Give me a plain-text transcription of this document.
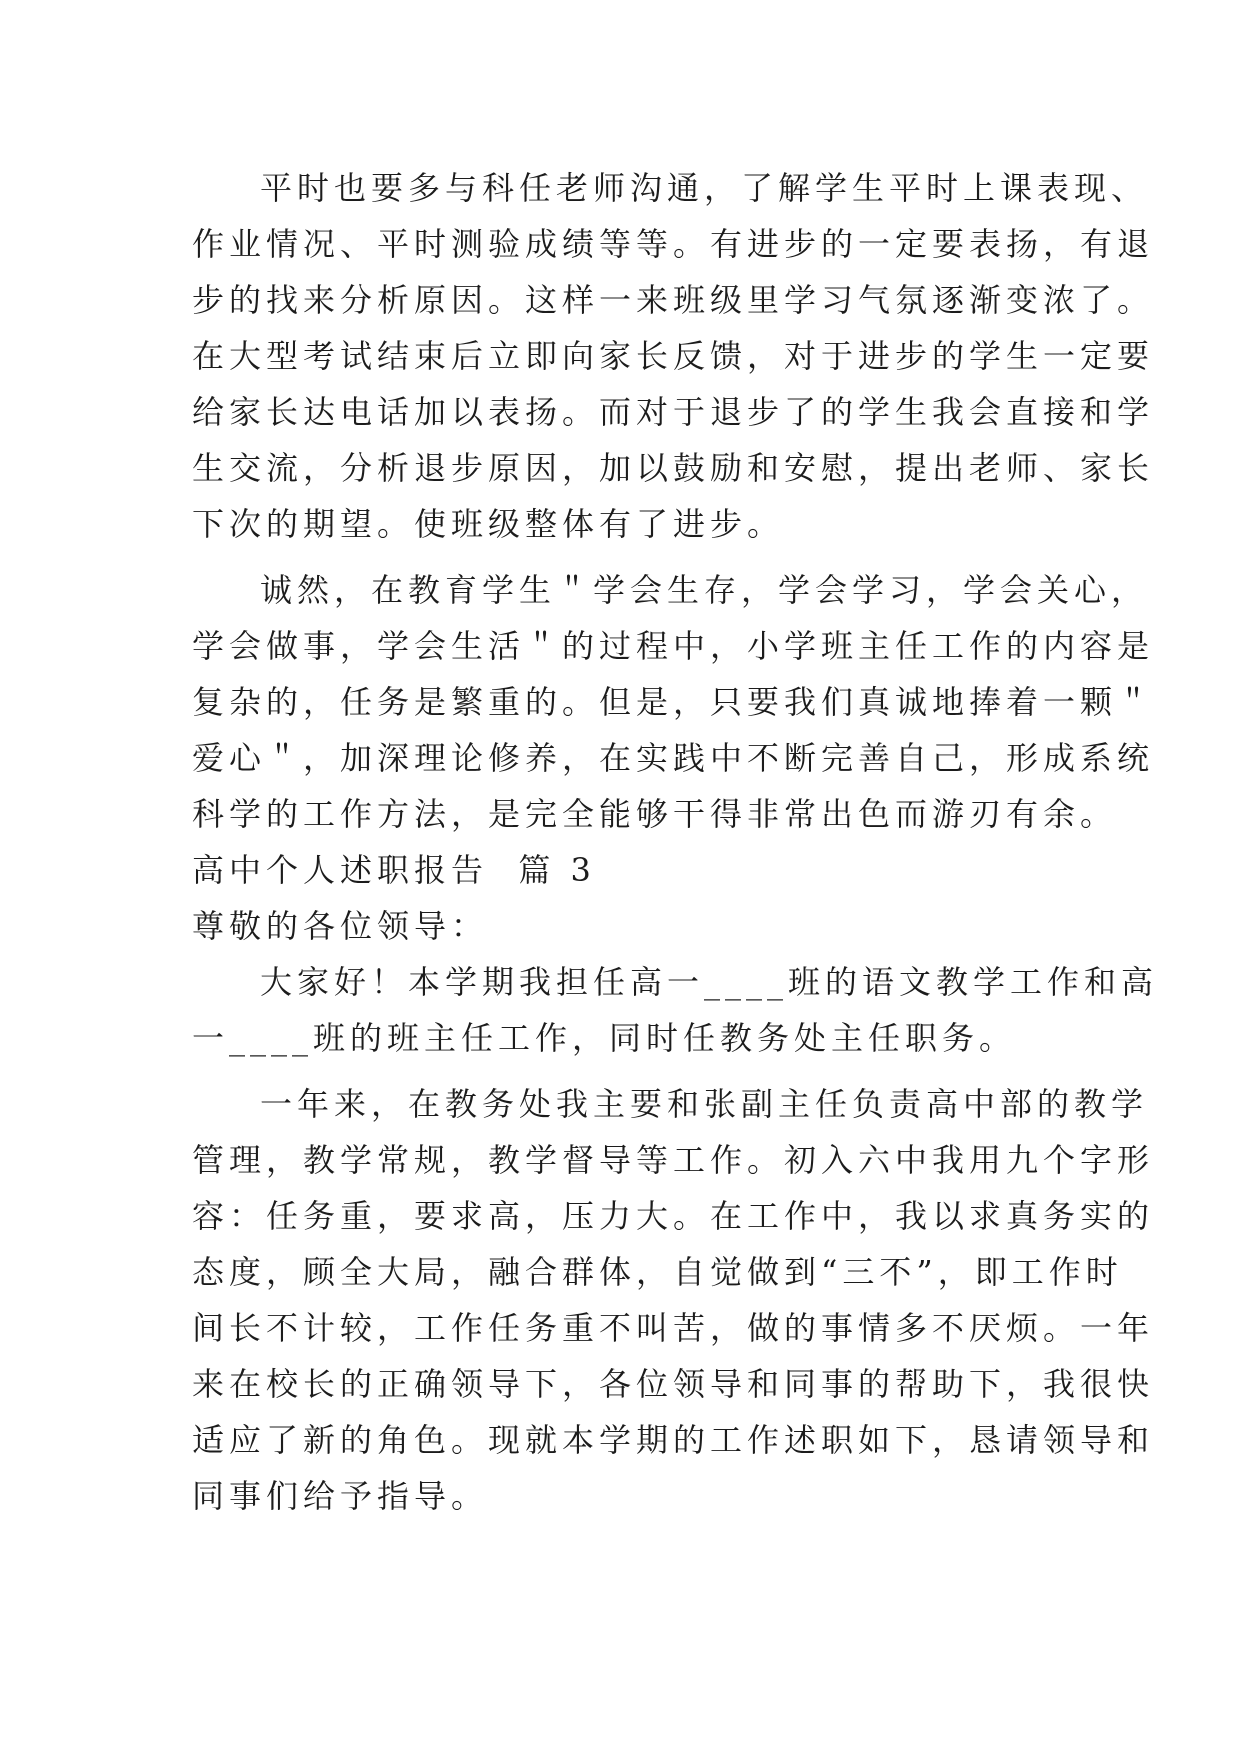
平时也要多与科任老师沟通，了解学生平时上课表现、
作业情况、平时测验成绩等等。有进步的一定要表扬，有退
步的找来分析原因。这样一来班级里学习气氛逐渐变浓了。
在大型考试结束后立即向家长反馈，对于进步的学生一定要
给家长达电话加以表扬。而对于退步了的学生我会直接和学
生交流，分析退步原因，加以鼓励和安慰，提出老师、家长
下次的期望。使班级整体有了进步。
诚然，在教育学生＂学会生存，学会学习，学会关心，
学会做事，学会生活＂的过程中，小学班主任工作的内容是
复杂的，任务是繁重的。但是，只要我们真诚地捧着一颗＂
爱心＂，加深理论修养，在实践中不断完善自己，形成系统
科学的工作方法，是完全能够干得非常出色而游刃有余。
高中个人述职报告  篇 3
尊敬的各位领导：
大家好！本学期我担任高一____班的语文教学工作和高
一____班的班主任工作，同时任教务处主任职务。
一年来，在教务处我主要和张副主任负责高中部的教学
管理，教学常规，教学督导等工作。初入六中我用九个字形
容：任务重，要求高，压力大。在工作中，我以求真务实的
态度，顾全大局，融合群体，自觉做到“三不”，即工作时
间长不计较，工作任务重不叫苦，做的事情多不厌烦。一年
来在校长的正确领导下，各位领导和同事的帮助下，我很快
适应了新的角色。现就本学期的工作述职如下，恳请领导和
同事们给予指导。
